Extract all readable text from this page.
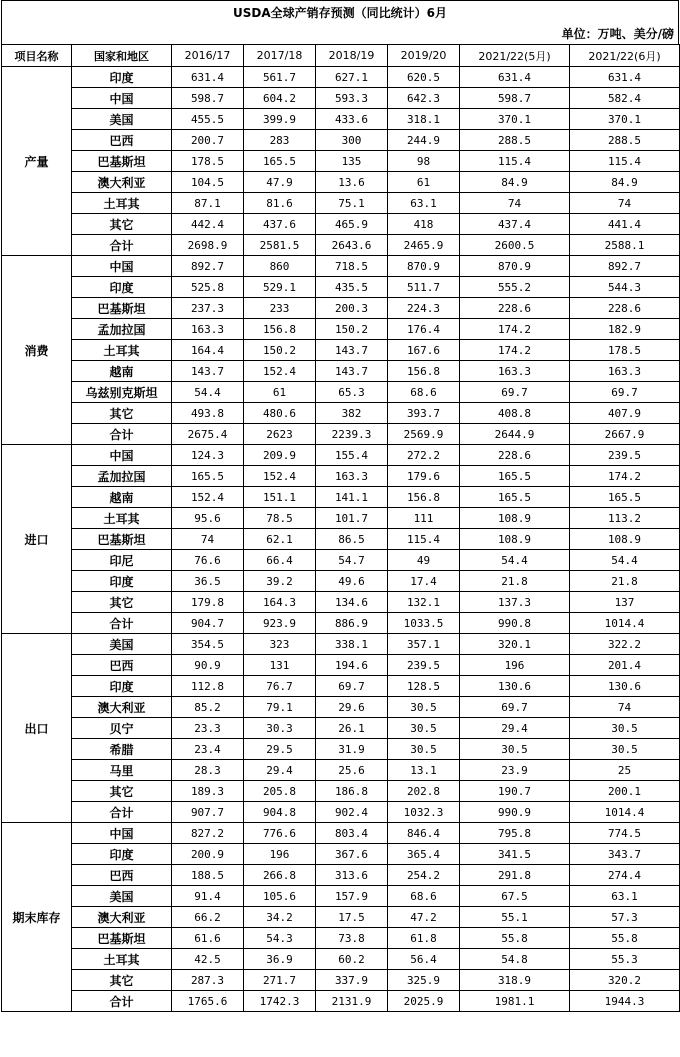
USDA全球产销存预测（同比统计）6月
单位：万吨、美分/磅
项目名称	国家和地区	2016/17	2017/18	2018/19	2019/20	2021/22(5月)	2021/22(6月)
产量	印度	631.4	561.7	627.1	620.5	631.4	631.4
	中国	598.7	604.2	593.3	642.3	598.7	582.4
	美国	455.5	399.9	433.6	318.1	370.1	370.1
	巴西	200.7	283	300	244.9	288.5	288.5
	巴基斯坦	178.5	165.5	135	98	115.4	115.4
	澳大利亚	104.5	47.9	13.6	61	84.9	84.9
	土耳其	87.1	81.6	75.1	63.1	74	74
	其它	442.4	437.6	465.9	418	437.4	441.4
	合计	2698.9	2581.5	2643.6	2465.9	2600.5	2588.1
消费	中国	892.7	860	718.5	870.9	870.9	892.7
	印度	525.8	529.1	435.5	511.7	555.2	544.3
	巴基斯坦	237.3	233	200.3	224.3	228.6	228.6
	孟加拉国	163.3	156.8	150.2	176.4	174.2	182.9
	土耳其	164.4	150.2	143.7	167.6	174.2	178.5
	越南	143.7	152.4	143.7	156.8	163.3	163.3
	乌兹别克斯坦	54.4	61	65.3	68.6	69.7	69.7
	其它	493.8	480.6	382	393.7	408.8	407.9
	合计	2675.4	2623	2239.3	2569.9	2644.9	2667.9
进口	中国	124.3	209.9	155.4	272.2	228.6	239.5
	孟加拉国	165.5	152.4	163.3	179.6	165.5	174.2
	越南	152.4	151.1	141.1	156.8	165.5	165.5
	土耳其	95.6	78.5	101.7	111	108.9	113.2
	巴基斯坦	74	62.1	86.5	115.4	108.9	108.9
	印尼	76.6	66.4	54.7	49	54.4	54.4
	印度	36.5	39.2	49.6	17.4	21.8	21.8
	其它	179.8	164.3	134.6	132.1	137.3	137
	合计	904.7	923.9	886.9	1033.5	990.8	1014.4
出口	美国	354.5	323	338.1	357.1	320.1	322.2
	巴西	90.9	131	194.6	239.5	196	201.4
	印度	112.8	76.7	69.7	128.5	130.6	130.6
	澳大利亚	85.2	79.1	29.6	30.5	69.7	74
	贝宁	23.3	30.3	26.1	30.5	29.4	30.5
	希腊	23.4	29.5	31.9	30.5	30.5	30.5
	马里	28.3	29.4	25.6	13.1	23.9	25
	其它	189.3	205.8	186.8	202.8	190.7	200.1
	合计	907.7	904.8	902.4	1032.3	990.9	1014.4
期末库存	中国	827.2	776.6	803.4	846.4	795.8	774.5
	印度	200.9	196	367.6	365.4	341.5	343.7
	巴西	188.5	266.8	313.6	254.2	291.8	274.4
	美国	91.4	105.6	157.9	68.6	67.5	63.1
	澳大利亚	66.2	34.2	17.5	47.2	55.1	57.3
	巴基斯坦	61.6	54.3	73.8	61.8	55.8	55.8
	土耳其	42.5	36.9	60.2	56.4	54.8	55.3
	其它	287.3	271.7	337.9	325.9	318.9	320.2
	合计	1765.6	1742.3	2131.9	2025.9	1981.1	1944.3
